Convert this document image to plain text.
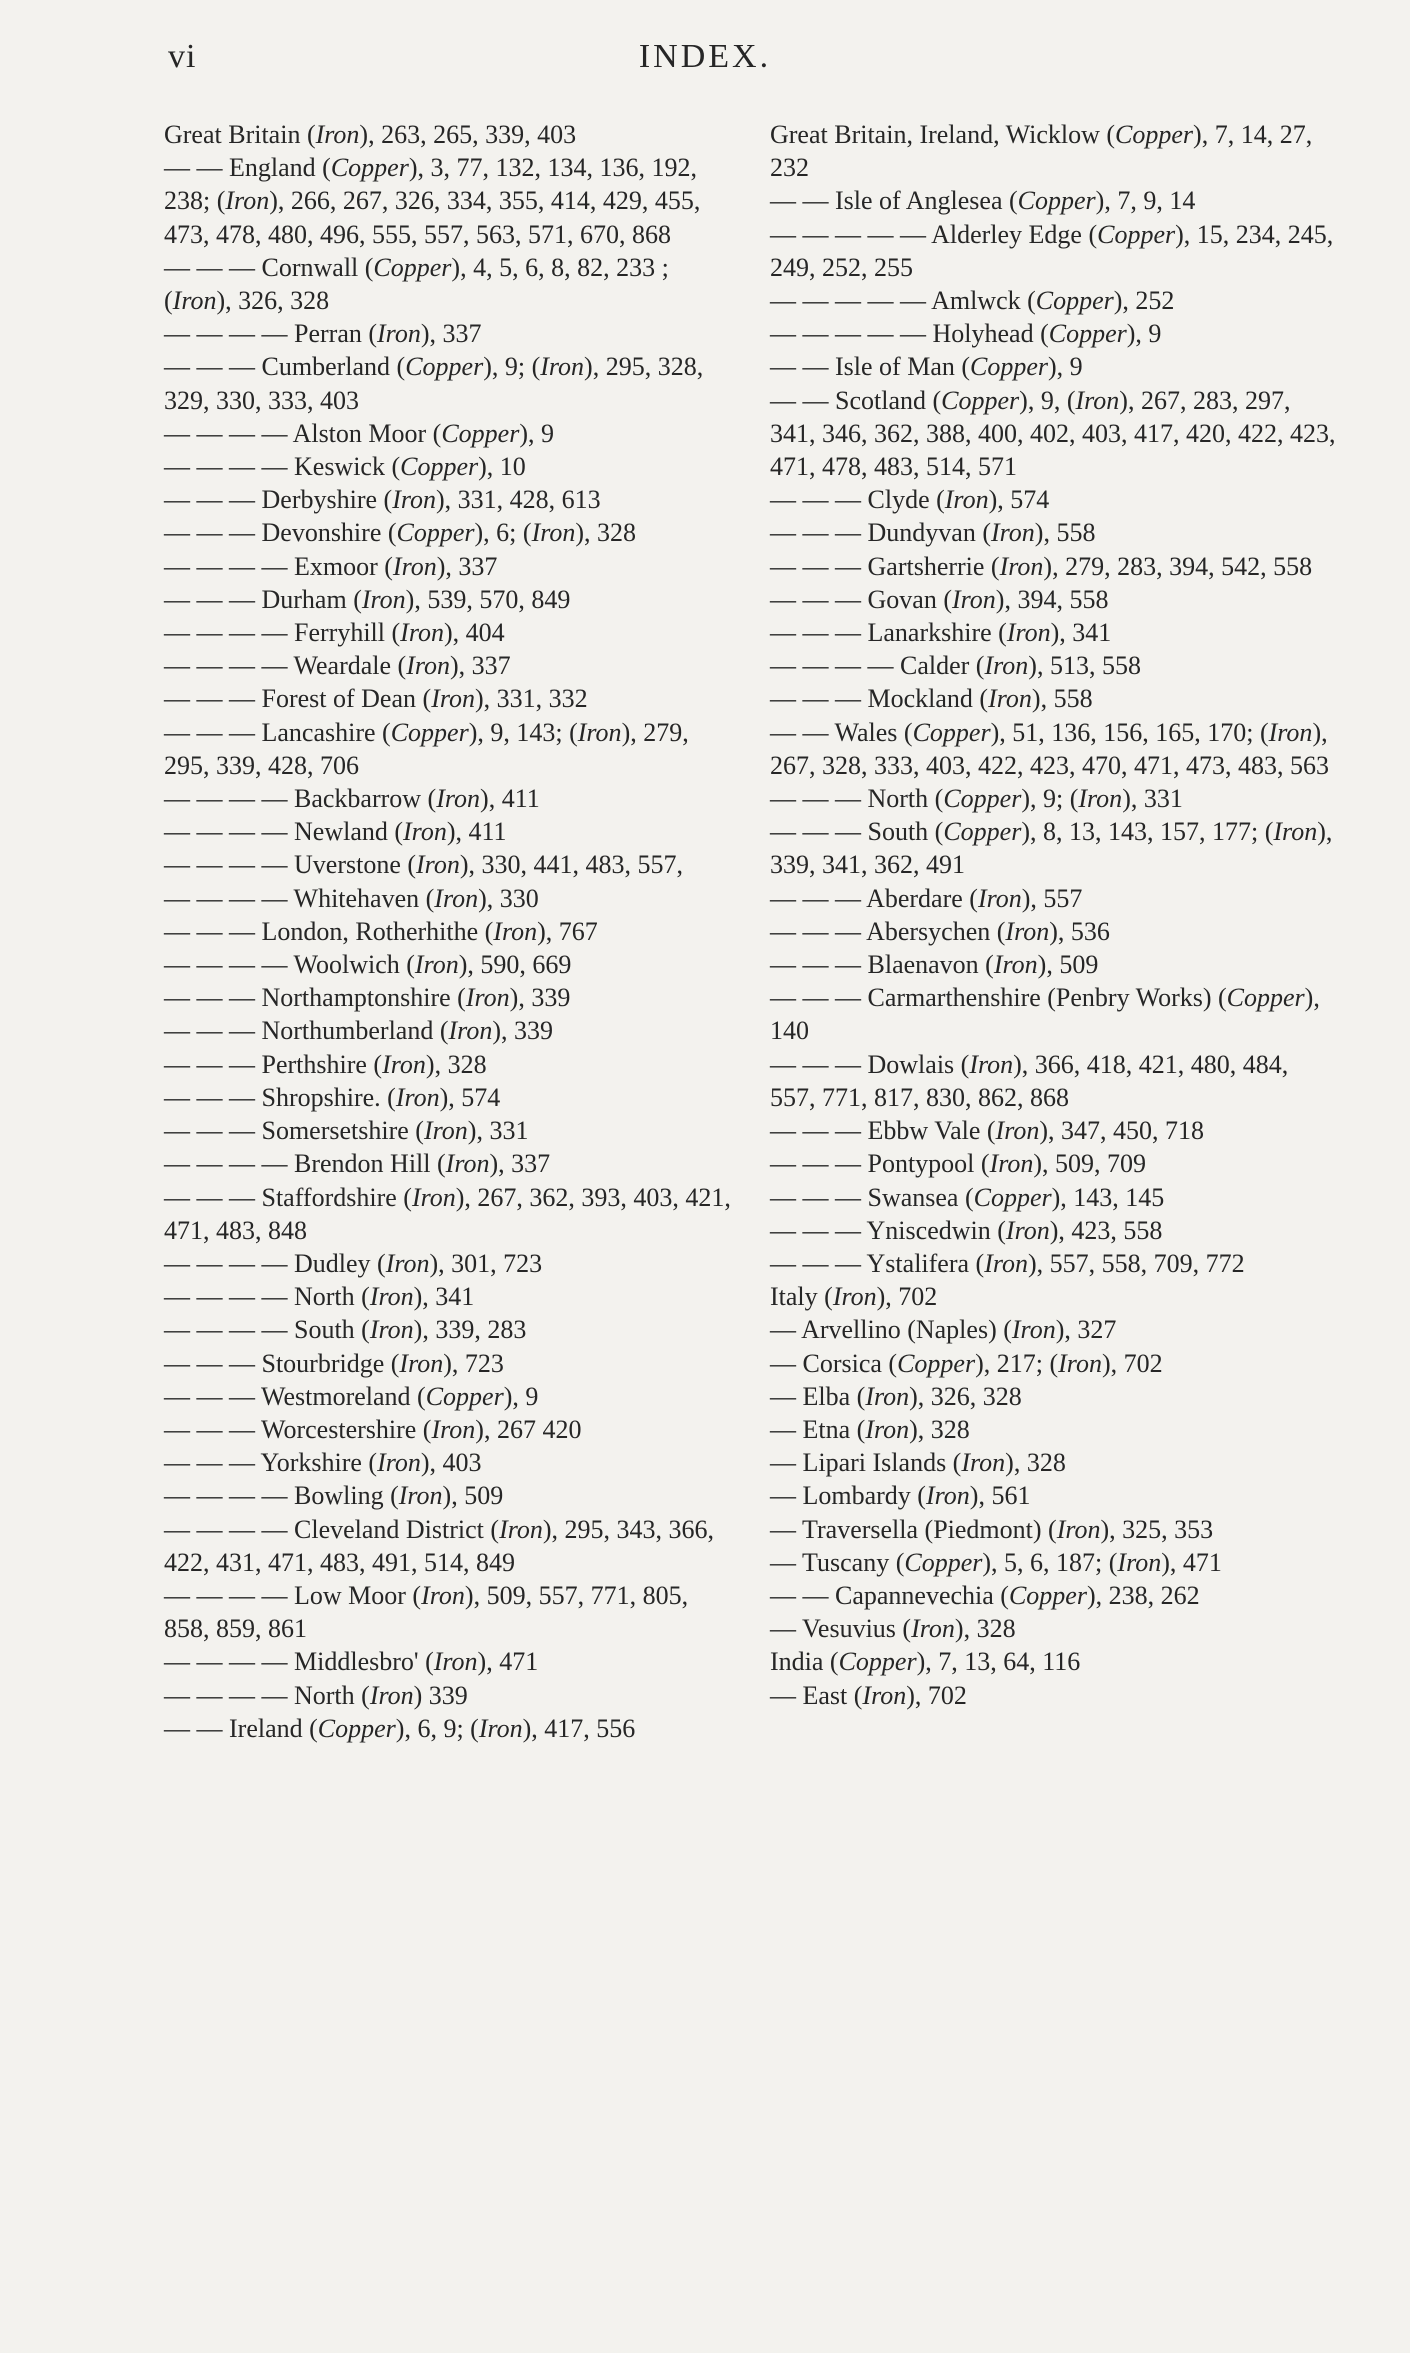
vi	INDEX.

Great Britain (Iron), 263, 265, 339, 403

— — England (Copper), 3, 77, 132, 134, 136, 192, 238; (Iron), 266, 267, 326, 334, 355, 414, 429, 455, 473, 478, 480, 496, 555, 557, 563, 571, 670, 868

— — — Cornwall (Copper), 4, 5, 6, 8, 82, 233 ; (Iron), 326, 328

— — — — Perran (Iron), 337

— — — Cumberland (Copper), 9; (Iron), 295, 328, 329, 330, 333, 403

— — — — Alston Moor (Copper), 9

— — — — Keswick (Copper), 10

— — — Derbyshire (Iron), 331, 428, 613

— — — Devonshire (Copper), 6; (Iron), 328

— — — — Exmoor (Iron), 337

— — — Durham (Iron), 539, 570, 849

— — — — Ferryhill (Iron), 404

— — — — Weardale (Iron), 337

— — — Forest of Dean (Iron), 331, 332

— — — Lancashire (Copper), 9, 143; (Iron), 279, 295, 339, 428, 706

— — — — Backbarrow (Iron), 411

— — — — Newland (Iron), 411

— — — — Uverstone (Iron), 330, 441, 483, 557,

— — — — Whitehaven (Iron), 330

— — — London, Rotherhithe (Iron), 767

— — — — Woolwich (Iron), 590, 669

— — — Northamptonshire (Iron), 339

— — — Northumberland (Iron), 339

— — — Perthshire (Iron), 328

— — — Shropshire. (Iron), 574

— — — Somersetshire (Iron), 331

— — — — Brendon Hill (Iron), 337

— — — Staffordshire (Iron), 267, 362, 393, 403, 421, 471, 483, 848

— — — — Dudley (Iron), 301, 723

— — — — North (Iron), 341

— — — — South (Iron), 339, 283

— — — Stourbridge (Iron), 723

— — — Westmoreland (Copper), 9

— — — Worcestershire (Iron), 267 420

— — — Yorkshire (Iron), 403

— — — — Bowling (Iron), 509

— — — — Cleveland District (Iron), 295, 343, 366, 422, 431, 471, 483, 491, 514, 849

— — — — Low Moor (Iron), 509, 557, 771, 805, 858, 859, 861

— — — — Middlesbro' (Iron), 471

— — — — North (Iron) 339

— — Ireland (Copper), 6, 9; (Iron), 417, 556

Great Britain, Ireland, Wicklow (Copper), 7, 14, 27, 232

— — Isle of Anglesea (Copper), 7, 9, 14

— — — — — Alderley Edge (Copper), 15, 234, 245, 249, 252, 255

— — — — — Amlwck (Copper), 252

— — — — — Holyhead (Copper), 9

— — Isle of Man (Copper), 9

— — Scotland (Copper), 9, (Iron), 267, 283, 297, 341, 346, 362, 388, 400, 402, 403, 417, 420, 422, 423, 471, 478, 483, 514, 571

— — — Clyde (Iron), 574

— — — Dundyvan (Iron), 558

— — — Gartsherrie (Iron), 279, 283, 394, 542, 558

— — — Govan (Iron), 394, 558

— — — Lanarkshire (Iron), 341

— — — — Calder (Iron), 513, 558

— — — Mockland (Iron), 558

— — Wales (Copper), 51, 136, 156, 165, 170; (Iron), 267, 328, 333, 403, 422, 423, 470, 471, 473, 483, 563

— — — North (Copper), 9; (Iron), 331

— — — South (Copper), 8, 13, 143, 157, 177; (Iron), 339, 341, 362, 491

— — — Aberdare (Iron), 557

— — — Abersychen (Iron), 536

— — — Blaenavon (Iron), 509

— — — Carmarthenshire (Penbry Works) (Copper), 140

— — — Dowlais (Iron), 366, 418, 421, 480, 484, 557, 771, 817, 830, 862, 868

— — — Ebbw Vale (Iron), 347, 450, 718

— — — Pontypool (Iron), 509, 709

— — — Swansea (Copper), 143, 145

— — — Yniscedwin (Iron), 423, 558

— — — Ystalifera (Iron), 557, 558, 709, 772

Italy (Iron), 702

— Arvellino (Naples) (Iron), 327

— Corsica (Copper), 217; (Iron), 702

— Elba (Iron), 326, 328

— Etna (Iron), 328

— Lipari Islands (Iron), 328

— Lombardy (Iron), 561

— Traversella (Piedmont) (Iron), 325, 353

— Tuscany (Copper), 5, 6, 187; (Iron), 471

— — Capannevechia (Copper), 238, 262

— Vesuvius (Iron), 328

India (Copper), 7, 13, 64, 116

— East (Iron), 702
